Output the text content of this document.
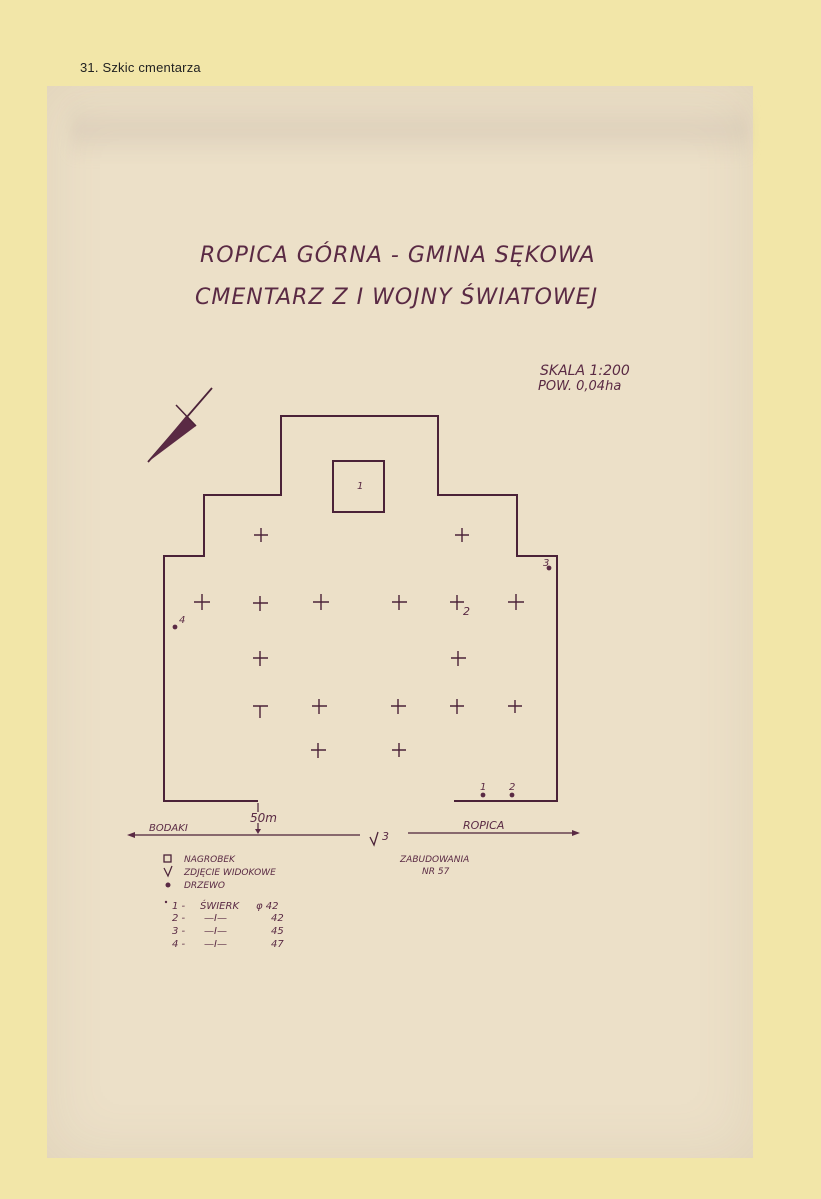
31. Szkic cmentarza
ROPICA GÓRNA - GMINA SĘKOWA
CMENTARZ Z I WOJNY ŚWIATOWEJ
SKALA 1:200
POW. 0,04ha
1
2
4
3
1 2
50m
BODAKI	ROPICA
3
ZABUDOWANIA
NR 57
NAGROBEK
ZDJĘCIE WIDOKOWE
DRZEWO
1 - ŚWIERK φ 42
2 - —I—	42
3 - —I—	45
4 - —I—	47
